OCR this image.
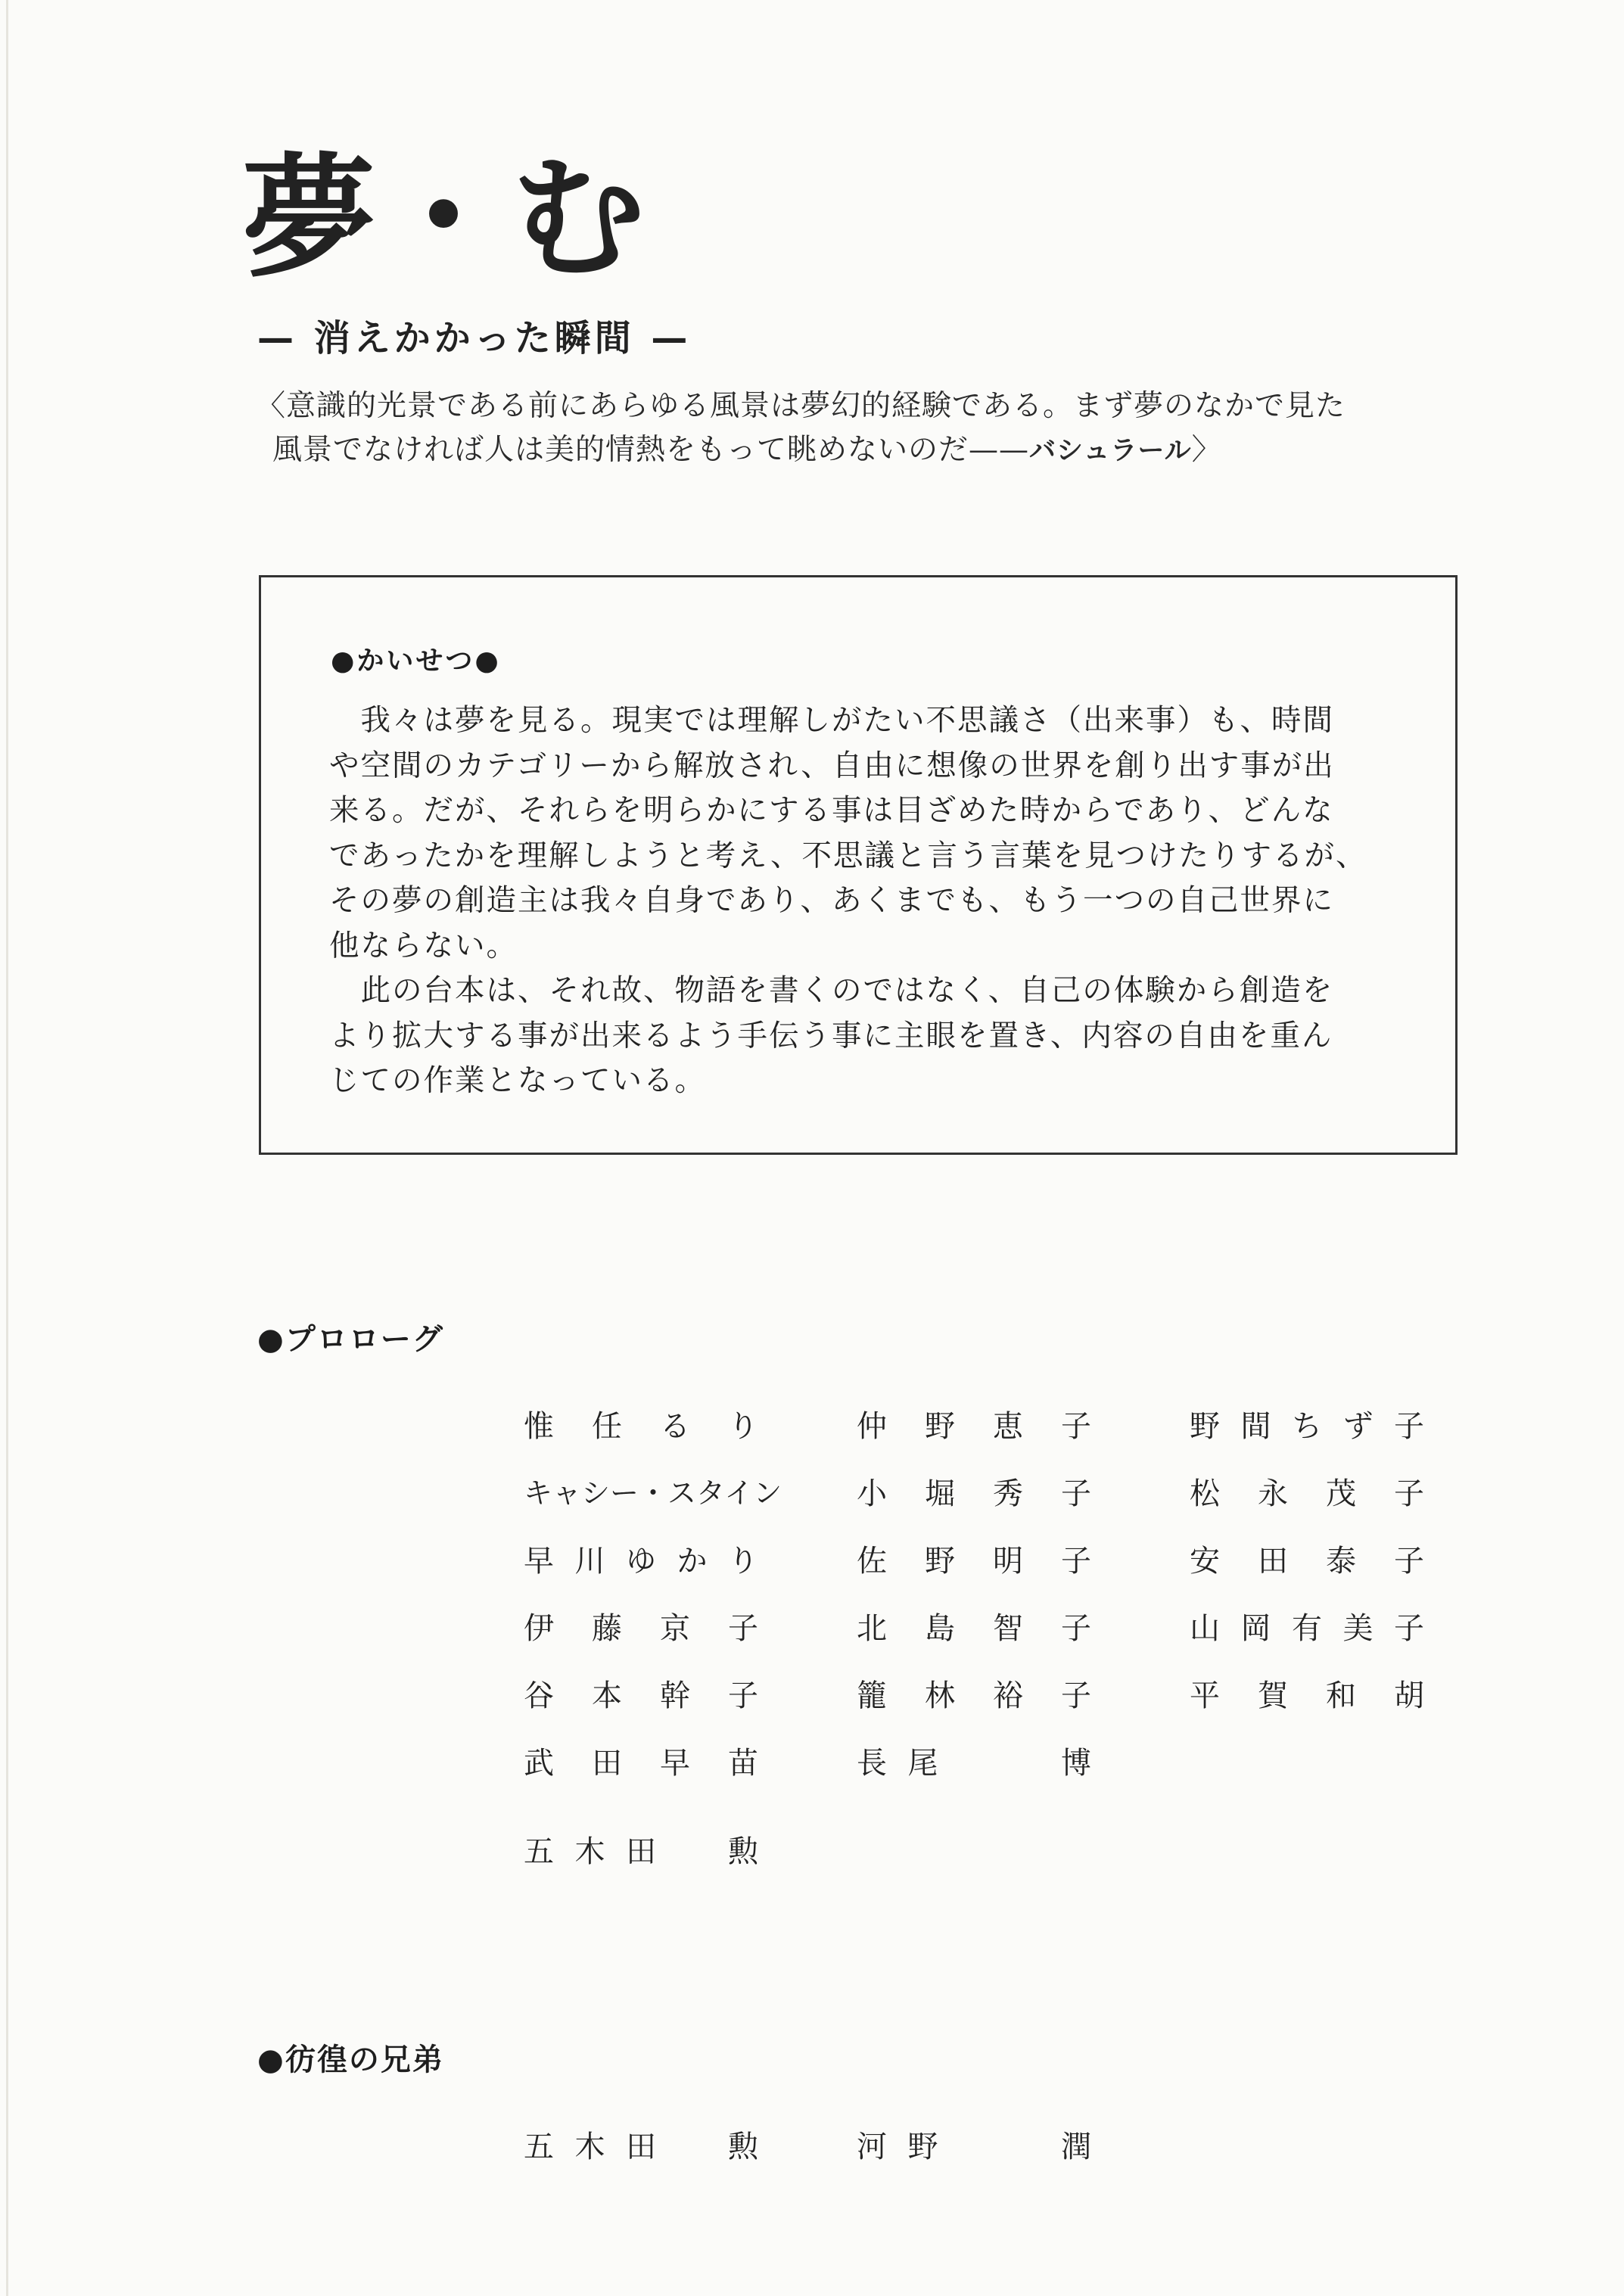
夢・む
— 消えかかった瞬間 —
〈意識的光景である前にあらゆる風景は夢幻的経験である。まず夢のなかで見た
風景でなければ人は美的情熱をもって眺めないのだ——バシュラール〉
●かいせつ●
　我々は夢を見る。現実では理解しがたい不思議さ（出来事）も、時間
や空間のカテゴリーから解放され、自由に想像の世界を創り出す事が出
来る。だが、それらを明らかにする事は目ざめた時からであり、どんな
であったかを理解しようと考え、不思議と言う言葉を見つけたりするが、
その夢の創造主は我々自身であり、あくまでも、もう一つの自己世界に
他ならない。
　此の台本は、それ故、物語を書くのではなく、自己の体験から創造を
より拡大する事が出来るよう手伝う事に主眼を置き、内容の自由を重ん
じての作業となっている。
●プロローグ
惟任るり
キャシー・スタイン
早川ゆかり
伊藤京子
谷本幹子
武田早苗
五木田　勲
仲野恵子
小堀秀子
佐野明子
北島智子
籠林裕子
長尾　　博
野間ちず子
松永茂子
安田泰子
山岡有美子
平賀和胡
●彷徨の兄弟
五木田　勲	河野　　潤
